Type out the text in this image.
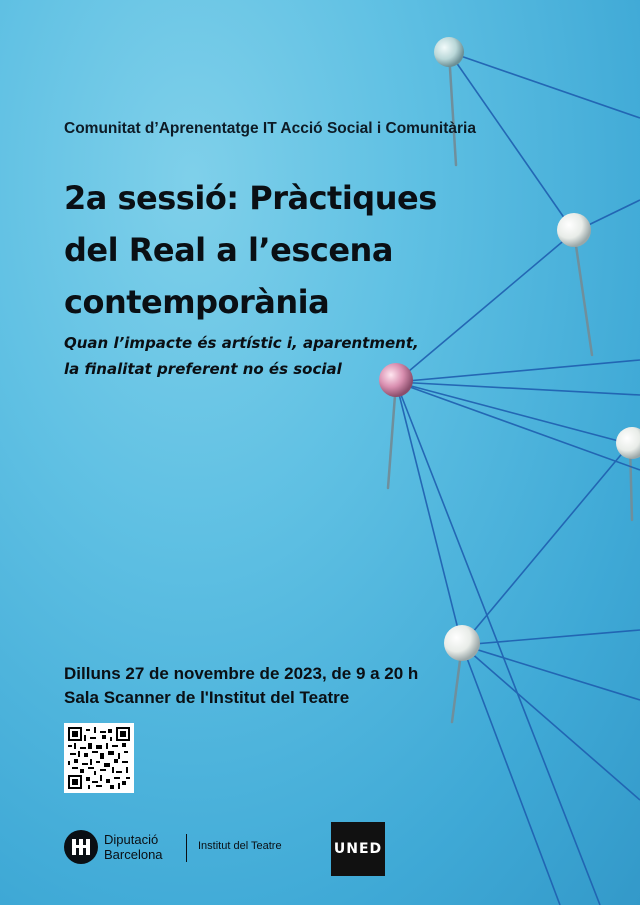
Comunitat d’Aprenentatge IT Acció Social i Comunitària
2a sessió: Pràctiques
del Real a l’escena
contemporània
Quan l’impacte és artístic i, aparentment,
la finalitat preferent no és social
Dilluns 27 de novembre de 2023, de 9 a 20 h
Sala Scanner de l'Institut del Teatre
Diputació
Barcelona
Institut del Teatre	UNED
